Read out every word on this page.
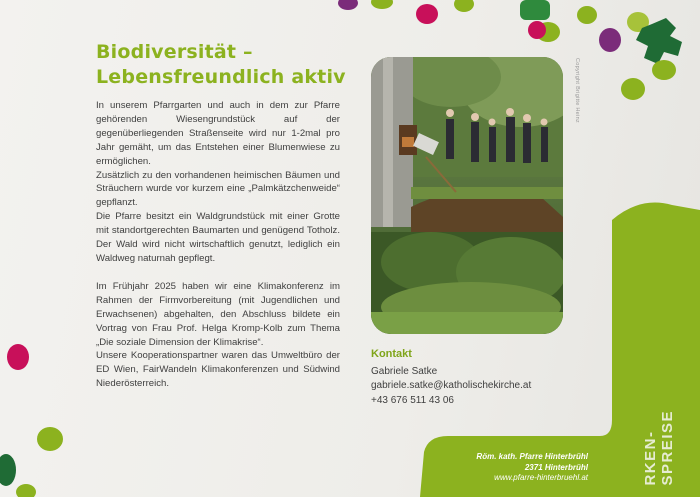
Biodiversität –
Lebensfreundlich aktiv

In unserem Pfarrgarten und auch in dem zur Pfarre gehörenden Wiesengrundstück auf der gegenüberliegenden Straßenseite wird nur 1-2mal pro Jahr gemäht, um das Entstehen einer Blumenwiese zu ermöglichen.

Zusätzlich zu den vorhandenen heimischen Bäumen und Sträuchern wurde vor kurzem eine „Palmkätzchenweide“ gepflanzt.

Die Pfarre besitzt ein Waldgrundstück mit einer Grotte mit standortgerechten Baumarten und genügend Totholz. Der Wald wird nicht wirtschaftlich genutzt, lediglich ein Waldweg naturnah gepflegt.

Im Frühjahr 2025 haben wir eine Klimakonferenz im Rahmen der Firmvorbereitung (mit Jugendlichen und Erwachsenen) abgehalten, den Abschluss bildete ein Vortrag von Frau Prof. Helga Kromp-Kolb zum Thema „Die soziale Dimension der Klimakrise“.

Unsere Kooperationspartner waren das Umweltbüro der ED Wien, FairWandeln Klimakonferenzen und Südwind Niederösterreich.

Copyright Brigitte Heinz
Kontakt
Gabriele Satke
gabriele.satke@katholischekirche.at
+43 676 511 43 06
Röm. kath. Pfarre Hinterbrühl
2371 Hinterbrühl
www.pfarre-hinterbruehl.at	RKEN- SPREISE
